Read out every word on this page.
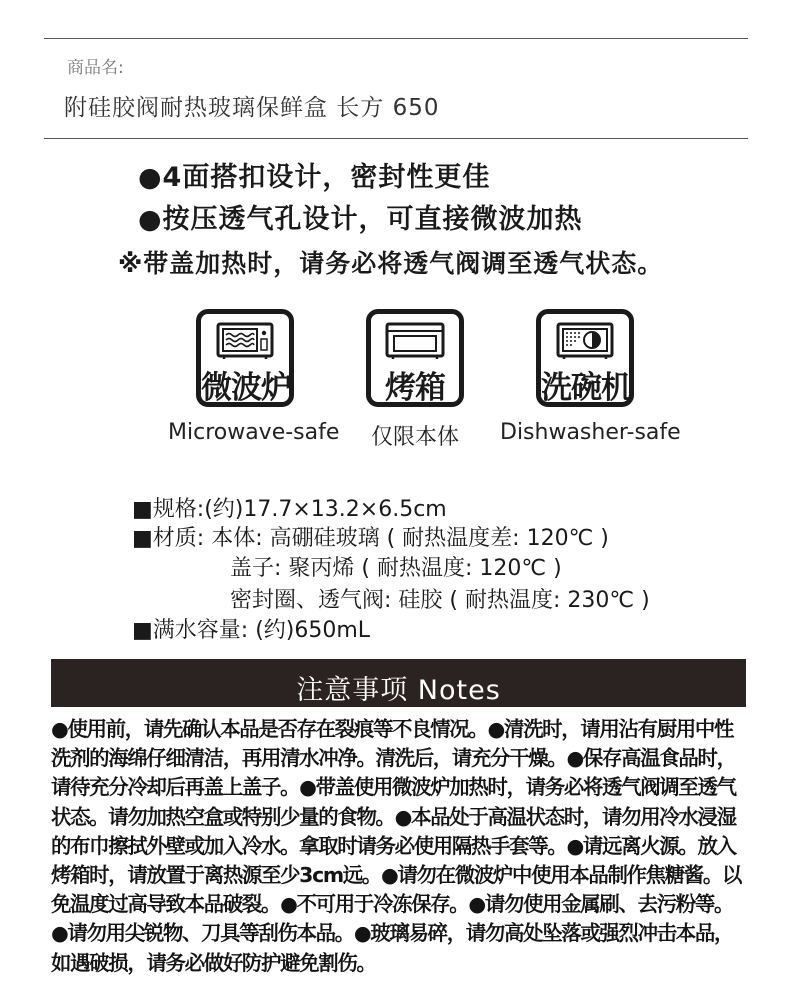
商品名:
附硅胶阀耐热玻璃保鲜盒 长方 650
●4面搭扣设计，密封性更佳
●按压透气孔设计，可直接微波加热
※带盖加热时，请务必将透气阀调至透气状态。
微波炉
Microwave-safe
烤箱
仅限本体
洗碗机
Dishwasher-safe
■规格:(约)17.7×13.2×6.5cm
■材质: 本体: 高硼硅玻璃 ( 耐热温度差: 120℃ )
盖子: 聚丙烯 ( 耐热温度: 120℃ )
密封圈、透气阀: 硅胶 ( 耐热温度: 230℃ )
■满水容量: (约)650mL
注意事项 Notes
●使用前，请先确认本品是否存在裂痕等不良情况。●清洗时，请用沾有厨用中性
洗剂的海绵仔细清洁，再用清水冲净。清洗后，请充分干燥。●保存高温食品时，
请待充分冷却后再盖上盖子。●带盖使用微波炉加热时，请务必将透气阀调至透气
状态。请勿加热空盒或特别少量的食物。●本品处于高温状态时，请勿用冷水浸湿
的布巾擦拭外壁或加入冷水。拿取时请务必使用隔热手套等。●请远离火源。放入
烤箱时，请放置于离热源至少3cm远。●请勿在微波炉中使用本品制作焦糖酱。以
免温度过高导致本品破裂。●不可用于冷冻保存。●请勿使用金属刷、去污粉等。
●请勿用尖锐物、刀具等刮伤本品。●玻璃易碎，请勿高处坠落或强烈冲击本品，
如遇破损，请务必做好防护避免割伤。
